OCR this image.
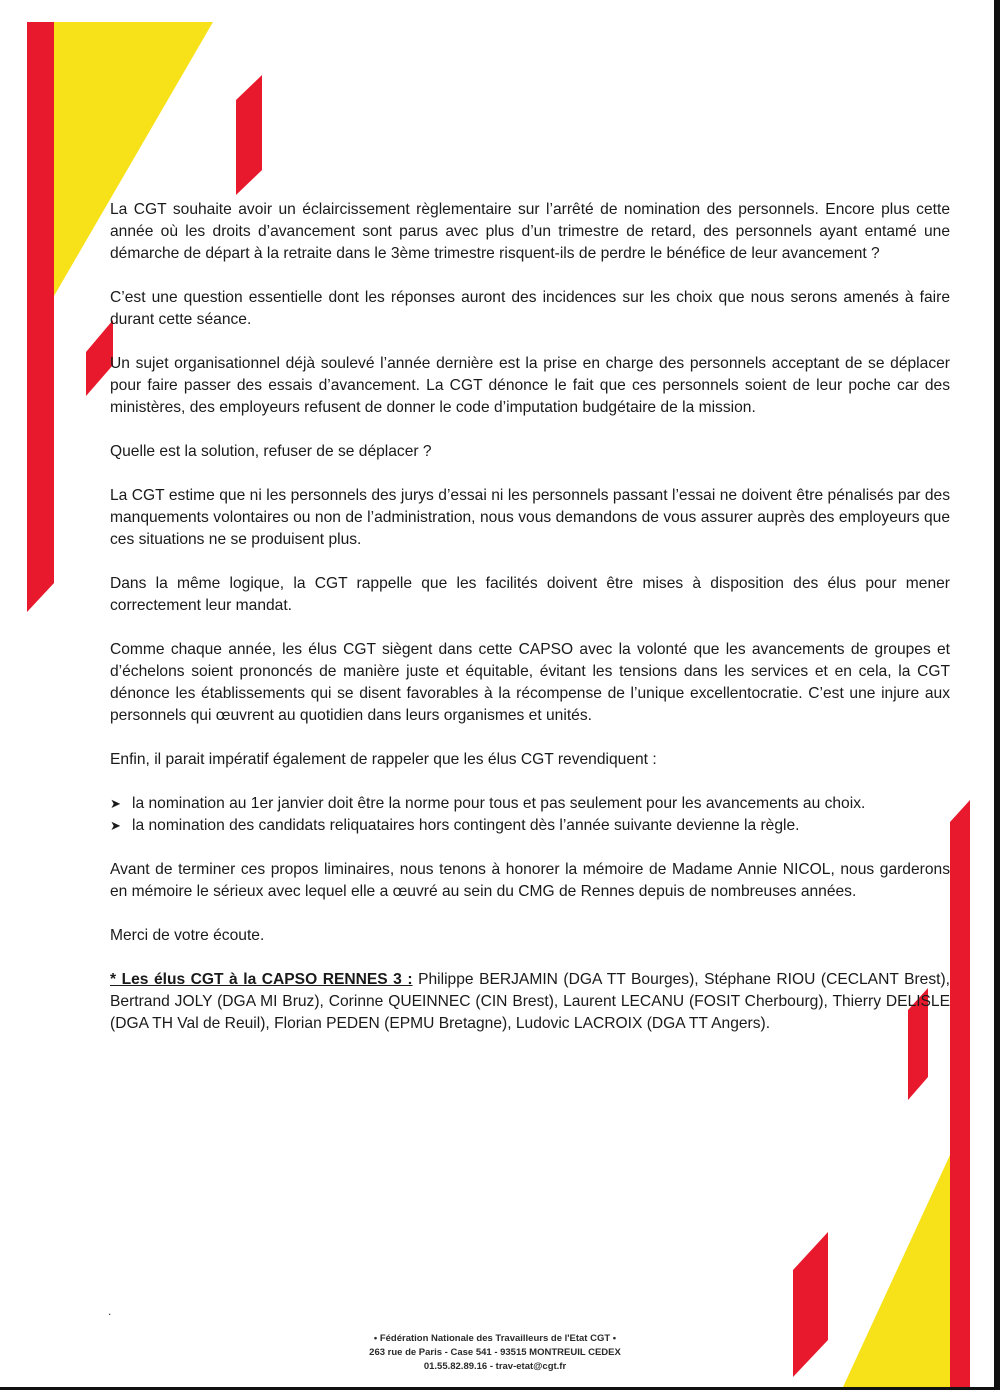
La CGT souhaite avoir un éclaircissement règlementaire sur l’arrêté de nomination des personnels. Encore plus cette année où les droits d’avancement sont parus avec plus d’un trimestre de retard, des personnels ayant entamé une démarche de départ à la retraite dans le 3ème trimestre risquent-ils de perdre le bénéfice de leur avancement ?

C’est une question essentielle dont les réponses auront des incidences sur les choix que nous serons amenés à faire durant cette séance.

Un sujet organisationnel déjà soulevé l’année dernière est la prise en charge des personnels acceptant de se déplacer pour faire passer des essais d’avancement. La CGT dénonce le fait que ces personnels soient de leur poche car des ministères, des employeurs refusent de donner le code d’imputation budgétaire de la mission.

Quelle est la solution, refuser de se déplacer ?

La CGT estime que ni les personnels des jurys d’essai ni les personnels passant l’essai ne doivent être pénalisés par des manquements volontaires ou non de l’administration, nous vous demandons de vous assurer auprès des employeurs que ces situations ne se produisent plus.

Dans la même logique, la CGT rappelle que les facilités doivent être mises à disposition des élus pour mener correctement leur mandat.

Comme chaque année, les élus CGT siègent dans cette CAPSO avec la volonté que les avancements de groupes et d’échelons soient prononcés de manière juste et équitable, évitant les tensions dans les services et en cela, la CGT dénonce les établissements qui se disent favorables à la récompense de l’unique excellentocratie. C’est une injure aux personnels qui œuvrent au quotidien dans leurs organismes et unités.

Enfin, il parait impératif également de rappeler que les élus CGT revendiquent :

➤ la nomination au 1er janvier doit être la norme pour tous et pas seulement pour les avancements au choix.
➤ la nomination des candidats reliquataires hors contingent dès l’année suivante devienne la règle.

Avant de terminer ces propos liminaires, nous tenons à honorer la mémoire de Madame Annie NICOL, nous garderons en mémoire le sérieux avec lequel elle a œuvré au sein du CMG de Rennes depuis de nombreuses années.

Merci de votre écoute.

* Les élus CGT à la CAPSO RENNES 3 : Philippe BERJAMIN (DGA TT Bourges), Stéphane RIOU (CECLANT Brest), Bertrand JOLY (DGA MI Bruz), Corinne QUEINNEC (CIN Brest), Laurent LECANU (FOSIT Cherbourg), Thierry DELISLE (DGA TH Val de Reuil), Florian PEDEN (EPMU Bretagne), Ludovic LACROIX (DGA TT Angers).

.
• Fédération Nationale des Travailleurs de l'Etat CGT •
263 rue de Paris - Case 541 - 93515 MONTREUIL CEDEX
01.55.82.89.16 - trav-etat@cgt.fr
